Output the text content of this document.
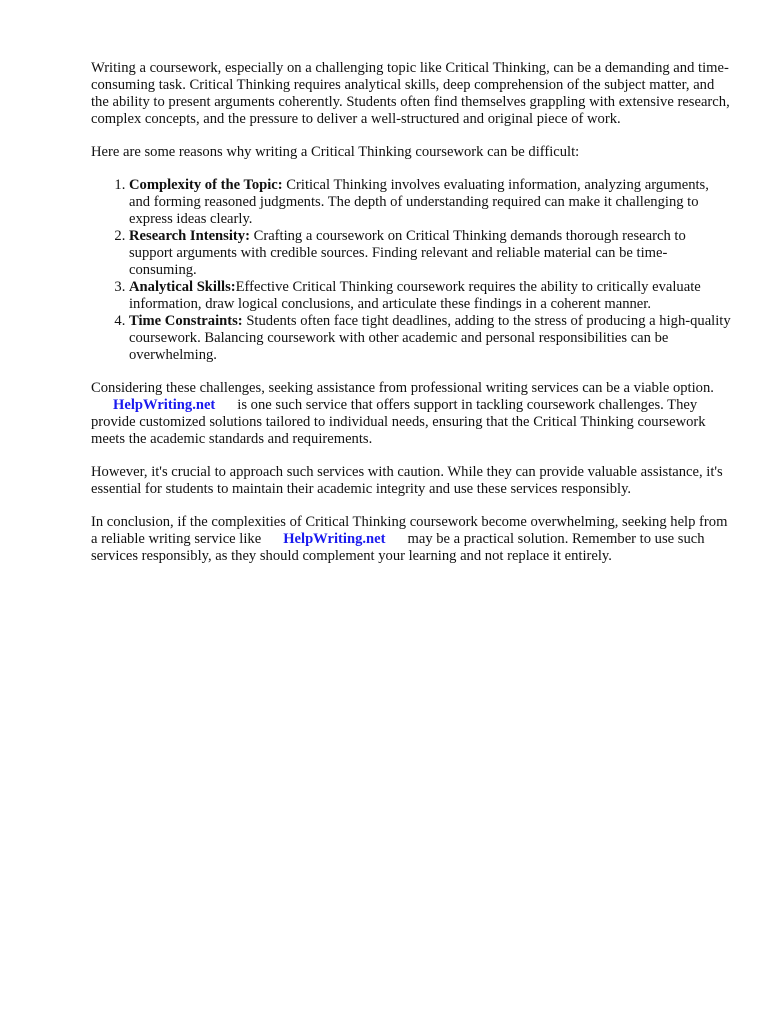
Writing a coursework, especially on a challenging topic like Critical Thinking, can be a demanding and time-consuming task. Critical Thinking requires analytical skills, deep comprehension of the subject matter, and the ability to present arguments coherently. Students often find themselves grappling with extensive research, complex concepts, and the pressure to deliver a well-structured and original piece of work.

Here are some reasons why writing a Critical Thinking coursework can be difficult:

1. Complexity of the Topic: Critical Thinking involves evaluating information, analyzing arguments, and forming reasoned judgments. The depth of understanding required can make it challenging to express ideas clearly.
2. Research Intensity: Crafting a coursework on Critical Thinking demands thorough research to support arguments with credible sources. Finding relevant and reliable material can be time-consuming.
3. Analytical Skills:Effective Critical Thinking coursework requires the ability to critically evaluate information, draw logical conclusions, and articulate these findings in a coherent manner.
4. Time Constraints: Students often face tight deadlines, adding to the stress of producing a high-quality coursework. Balancing coursework with other academic and personal responsibilities can be overwhelming.

Considering these challenges, seeking assistance from professional writing services can be a viable option.HelpWriting.net is one such service that offers support in tackling coursework challenges. They provide customized solutions tailored to individual needs, ensuring that the Critical Thinking coursework meets the academic standards and requirements.

However, it's crucial to approach such services with caution. While they can provide valuable assistance, it's essential for students to maintain their academic integrity and use these services responsibly.

In conclusion, if the complexities of Critical Thinking coursework become overwhelming, seeking help from a reliable writing service like HelpWriting.net may be a practical solution. Remember to use such services responsibly, as they should complement your learning and not replace it entirely.
